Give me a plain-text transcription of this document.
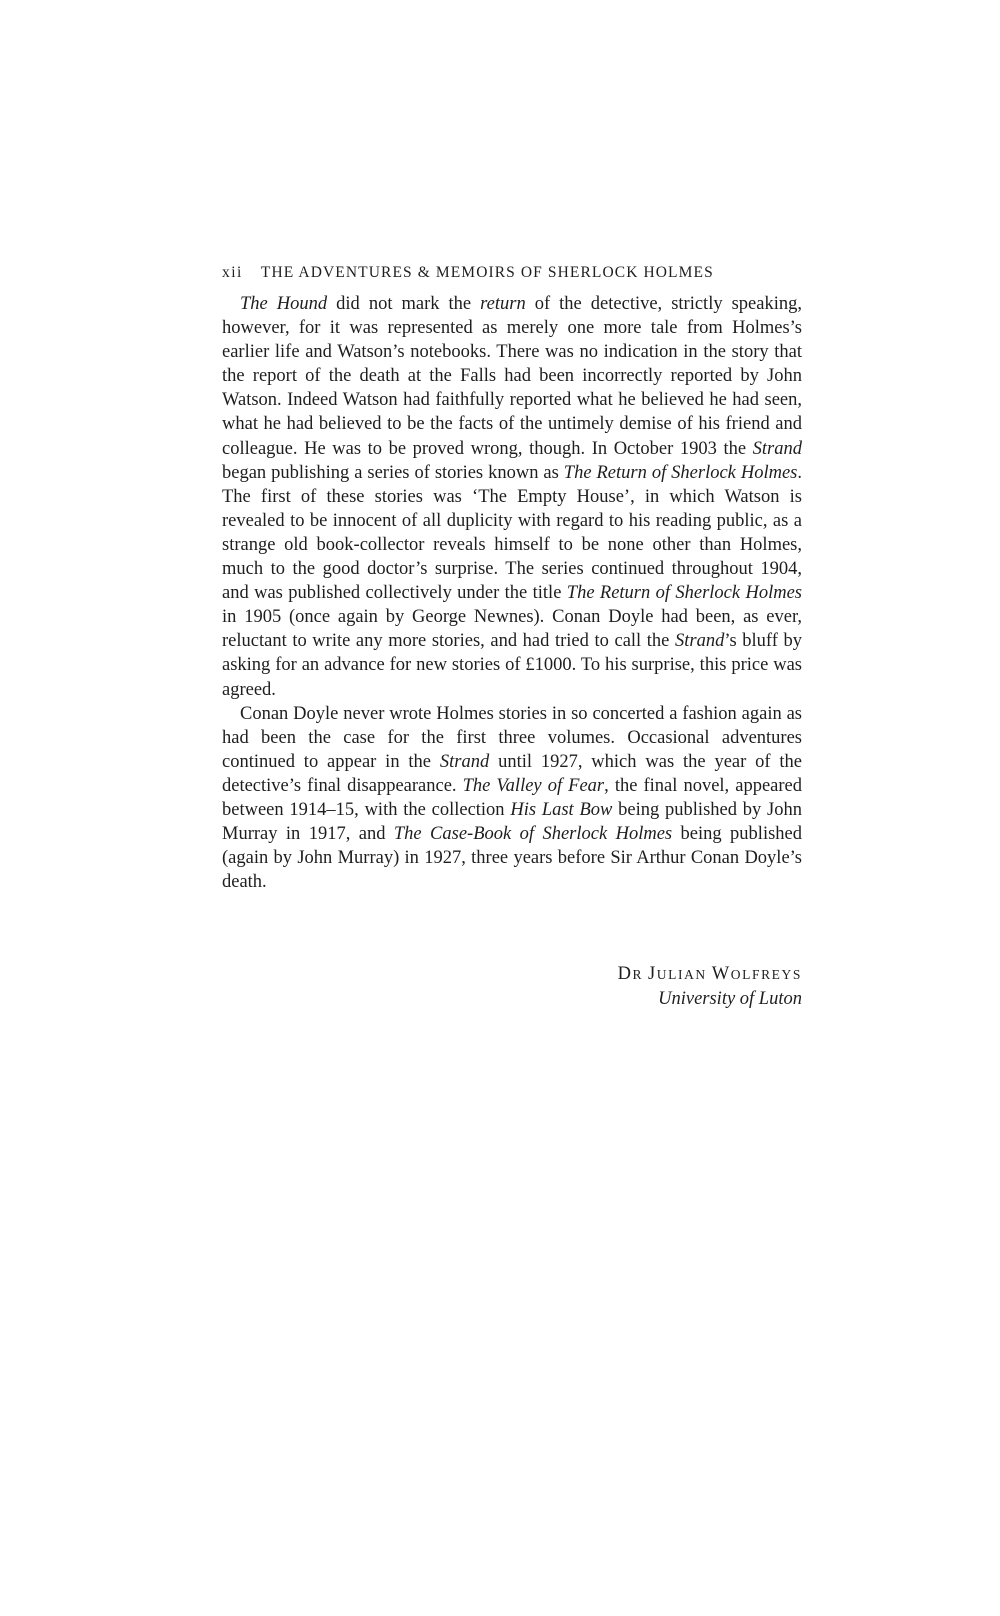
xii THE ADVENTURES & MEMOIRS OF SHERLOCK HOLMES

The Hound did not mark the return of the detective, strictly speaking, however, for it was represented as merely one more tale from Holmes’s earlier life and Watson’s notebooks. There was no indication in the story that the report of the death at the Falls had been incorrectly reported by John Watson. Indeed Watson had faithfully reported what he believed he had seen, what he had believed to be the facts of the untimely demise of his friend and colleague. He was to be proved wrong, though. In October 1903 the Strand began publishing a series of stories known as The Return of Sherlock Holmes. The first of these stories was ‘The Empty House’, in which Watson is revealed to be innocent of all duplicity with regard to his reading public, as a strange old book-collector reveals himself to be none other than Holmes, much to the good doctor’s surprise. The series continued throughout 1904, and was published collectively under the title The Return of Sherlock Holmes in 1905 (once again by George Newnes). Conan Doyle had been, as ever, reluctant to write any more stories, and had tried to call the Strand’s bluff by asking for an advance for new stories of £1000. To his surprise, this price was agreed.

Conan Doyle never wrote Holmes stories in so concerted a fashion again as had been the case for the first three volumes. Occasional adventures continued to appear in the Strand until 1927, which was the year of the detective’s final disappearance. The Valley of Fear, the final novel, appeared between 1914–15, with the collection His Last Bow being published by John Murray in 1917, and The Case-Book of Sherlock Holmes being published (again by John Murray) in 1927, three years before Sir Arthur Conan Doyle’s death.

DR JULIAN WOLFREYS
University of Luton
